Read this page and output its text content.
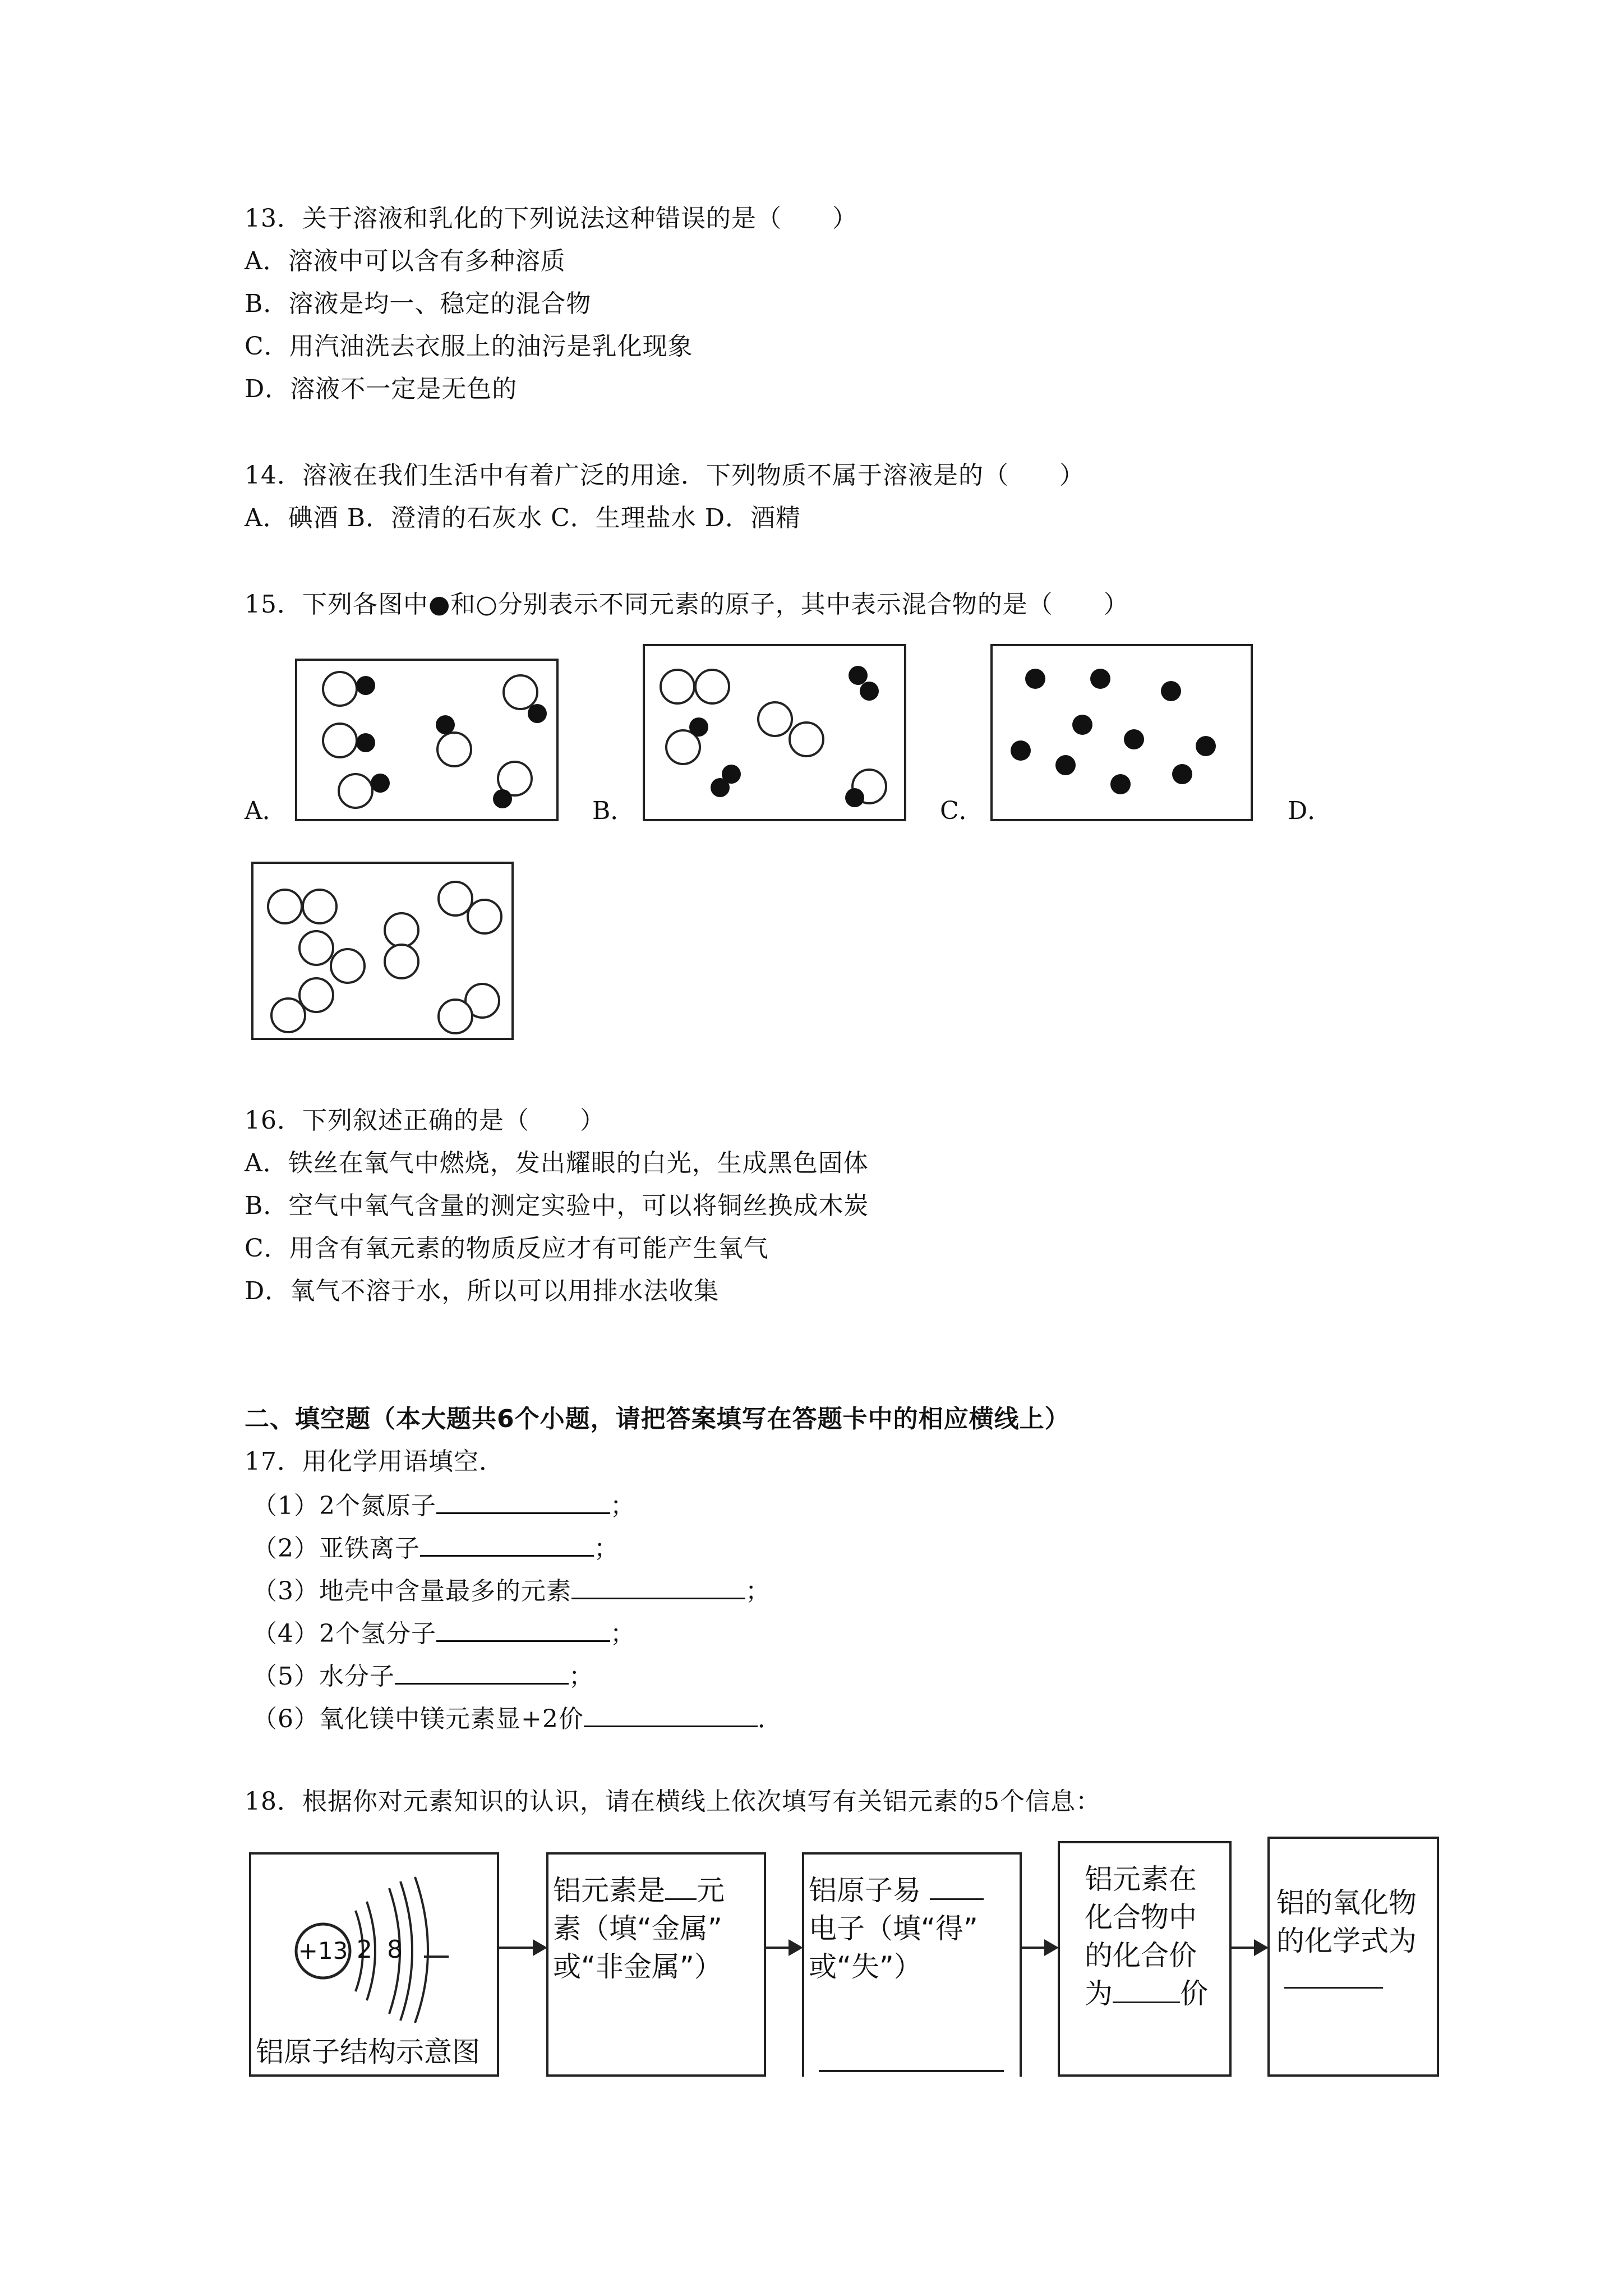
13．关于溶液和乳化的下列说法这种错误的是（　　）
A．溶液中可以含有多种溶质
B．溶液是均一、稳定的混合物
C．用汽油洗去衣服上的油污是乳化现象
D．溶液不一定是无色的
14．溶液在我们生活中有着广泛的用途．下列物质不属于溶液是的（　　）
A．碘酒 B．澄清的石灰水 C．生理盐水 D．酒精
15．下列各图中●和○分别表示不同元素的原子，其中表示混合物的是（　　）
A．	B．	C．	D．
16．下列叙述正确的是（　　）
A．铁丝在氧气中燃烧，发出耀眼的白光，生成黑色固体
B．空气中氧气含量的测定实验中，可以将铜丝换成木炭
C．用含有氧元素的物质反应才有可能产生氧气
D．氧气不溶于水，所以可以用排水法收集
二、填空题（本大题共6个小题，请把答案填写在答题卡中的相应横线上）
17．用化学用语填空．
（1）2个氮原子	；
（2）亚铁离子	；
（3）地壳中含量最多的元素	；
（4）2个氢分子	；
（5）水分子	；
（6）氧化镁中镁元素显+2价	．
18．根据你对元素知识的认识，请在横线上依次填写有关铝元素的5个信息：
+13 2 8
铝原子结构示意图
铝元素是 元
素（填“金属”
或“非金属”）
铝原子易
电子（填“得”
或“失”）
铝元素在
化合物中
的化合价
为 价
铝的氧化物
的化学式为
